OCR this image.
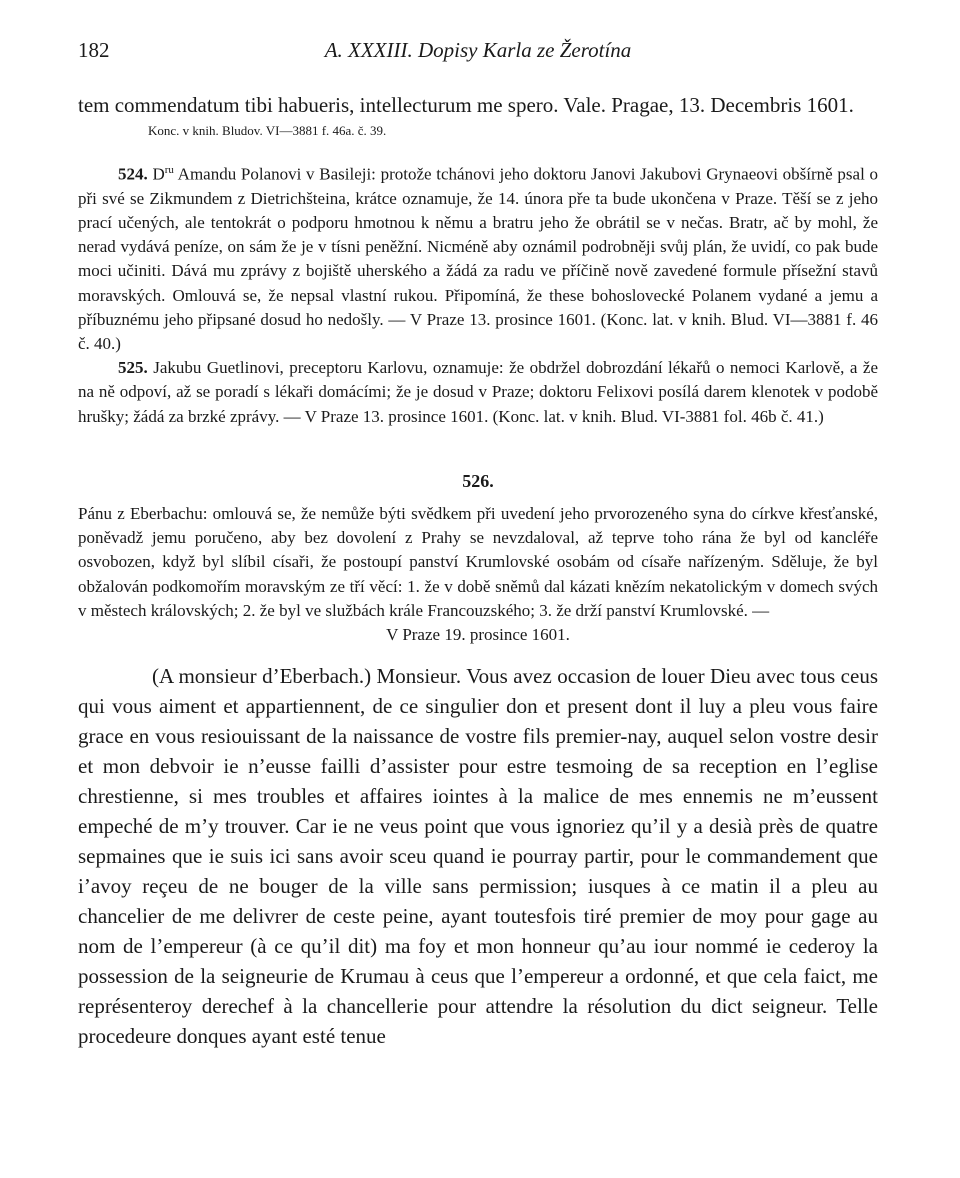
182	A. XXXIII. Dopisy Karla ze Žerotína

tem commendatum tibi habueris, intellecturum me spero. Vale. Pragae, 13. Decembris 1601.

Konc. v knih. Bludov. VI—3881 f. 46a. č. 39.

524. $D^{ru}$ Amandu Polanovi v Basileji: protože tchánovi jeho doktoru Janovi Jakubovi Grynaeovi obšírně psal o při své se Zikmundem z Dietrichšteina, krátce oznamuje, že 14. února pře ta bude ukončena v Praze. Těší se z jeho prací učených, ale tentokrát o podporu hmotnou k němu a bratru jeho že obrátil se v nečas. Bratr, ač by mohl, že nerad vydává peníze, on sám že je v tísni peněžní. Nicméně aby oznámil podrobněji svůj plán, že uvidí, co pak bude moci učiniti. Dává mu zprávy z bojiště uherského a žádá za radu ve příčině nově zavedené formule přísežní stavů moravských. Omlouvá se, že nepsal vlastní rukou. Připomíná, že these bohoslovecké Polanem vydané a jemu a příbuznému jeho připsané dosud ho nedošly. — V Praze 13. prosince 1601. (Konc. lat. v knih. Blud. VI—3881 f. 46 č. 40.)

525. Jakubu Guetlinovi, preceptoru Karlovu, oznamuje: že obdržel dobrozdání lékařů o nemoci Karlově, a že na ně odpoví, až se poradí s lékaři domácími; že je dosud v Praze; doktoru Felixovi posílá darem klenotek v podobě hrušky; žádá za brzké zprávy. — V Praze 13. prosince 1601. (Konc. lat. v knih. Blud. VI-3881 fol. 46b č. 41.)

526.

Pánu z Eberbachu: omlouvá se, že nemůže býti svědkem při uvedení jeho prvorozeného syna do církve křesťanské, poněvadž jemu poručeno, aby bez dovolení z Prahy se nevzdaloval, až teprve toho rána že byl od kancléře osvobozen, když byl slíbil císaři, že postoupí panství Krumlovské osobám od císaře nařízeným. Sděluje, že byl obžalován podkomořím moravským ze tří věcí: 1. že v době sněmů dal kázati knězím nekatolickým v domech svých v městech královských; 2. že byl ve službách krále Francouzského; 3. že drží panství Krumlovské. —

V Praze 19. prosince 1601.

(A monsieur d’Eberbach.) Monsieur. Vous avez occasion de louer Dieu avec tous ceus qui vous aiment et appartiennent, de ce singulier don et present dont il luy a pleu vous faire grace en vous resiouissant de la naissance de vostre fils premier-nay, auquel selon vostre desir et mon debvoir ie n’eusse failli d’assister pour estre tesmoing de sa reception en l’eglise chrestienne, si mes troubles et affaires iointes à la malice de mes ennemis ne m’eussent empeché de m’y trouver. Car ie ne veus point que vous ignoriez qu’il y a desià près de quatre sepmaines que ie suis ici sans avoir sceu quand ie pourray partir, pour le commandement que i’avoy reçeu de ne bouger de la ville sans permission; iusques à ce matin il a pleu au chancelier de me delivrer de ceste peine, ayant toutesfois tiré premier de moy pour gage au nom de l’empereur (à ce qu’il dit) ma foy et mon honneur qu’au iour nommé ie cederoy la possession de la seigneurie de Krumau à ceus que l’empereur a ordonné, et que cela faict, me représenteroy derechef à la chancellerie pour attendre la résolution du dict seigneur. Telle procedeure donques ayant esté tenue
